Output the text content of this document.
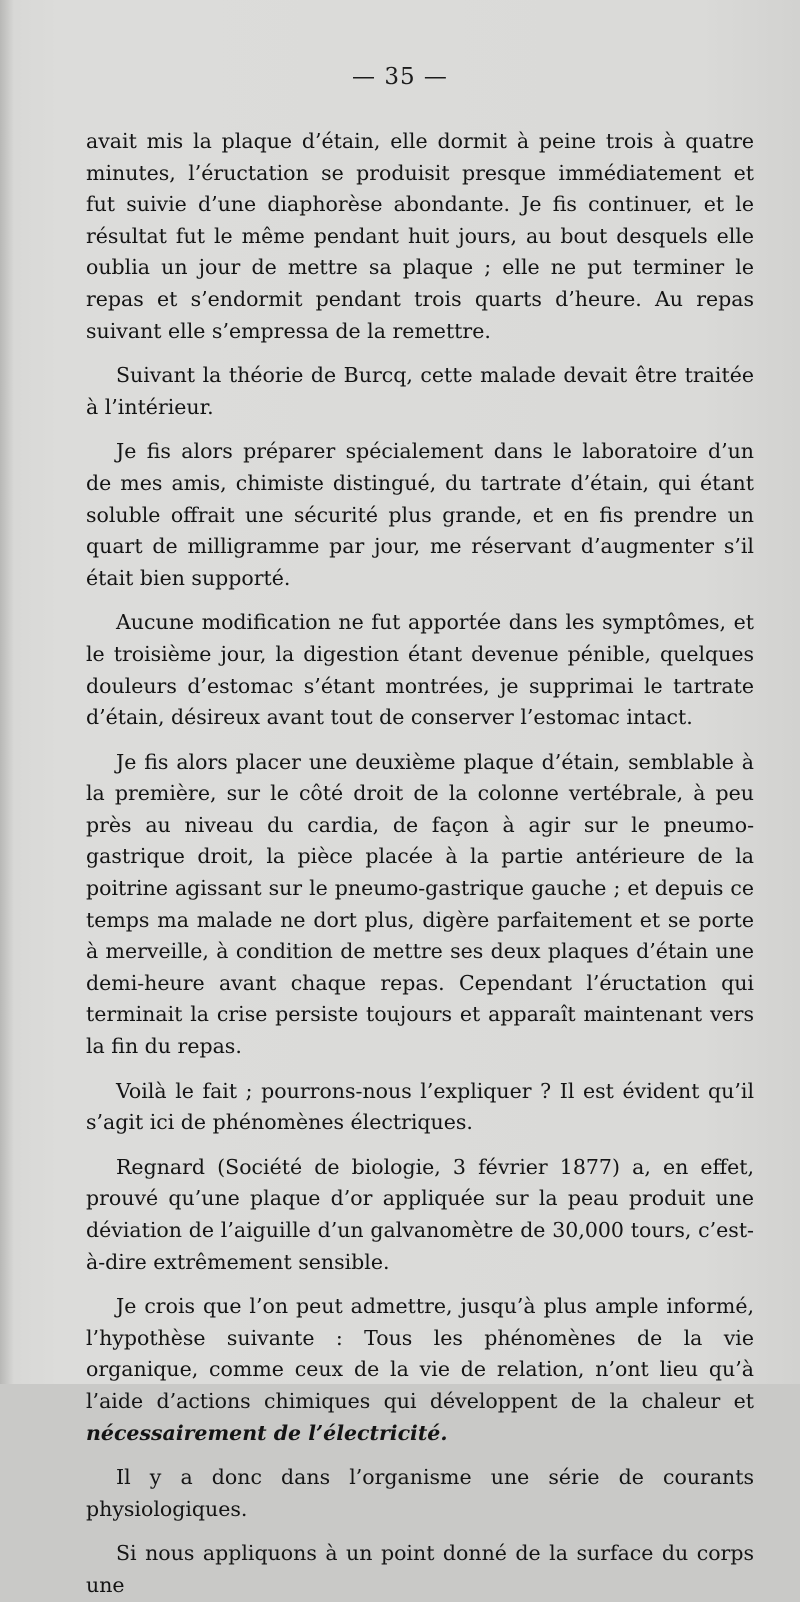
— 35 —

avait mis la plaque d’étain, elle dormit à peine trois à quatre minutes, l’éructation se produisit presque immédiatement et fut suivie d’une diaphorèse abondante. Je fis continuer, et le résultat fut le même pendant huit jours, au bout desquels elle oublia un jour de mettre sa plaque ; elle ne put terminer le repas et s’endormit pendant trois quarts d’heure. Au repas suivant elle s’empressa de la remettre.

Suivant la théorie de Burcq, cette malade devait être traitée à l’intérieur.

Je fis alors préparer spécialement dans le laboratoire d’un de mes amis, chimiste distingué, du tartrate d’étain, qui étant soluble offrait une sécurité plus grande, et en fis prendre un quart de milligramme par jour, me réservant d’augmenter s’il était bien supporté.

Aucune modification ne fut apportée dans les symptômes, et le troisième jour, la digestion étant devenue pénible, quelques douleurs d’estomac s’étant montrées, je supprimai le tartrate d’étain, désireux avant tout de conserver l’estomac intact.

Je fis alors placer une deuxième plaque d’étain, semblable à la première, sur le côté droit de la colonne vertébrale, à peu près au niveau du cardia, de façon à agir sur le pneumo-gastrique droit, la pièce placée à la partie antérieure de la poitrine agissant sur le pneumo-gastrique gauche ; et depuis ce temps ma malade ne dort plus, digère parfaitement et se porte à merveille, à condition de mettre ses deux plaques d’étain une demi-heure avant chaque repas. Cependant l’éructation qui terminait la crise persiste toujours et apparaît maintenant vers la fin du repas.

Voilà le fait ; pourrons-nous l’expliquer ? Il est évident qu’il s’agit ici de phénomènes électriques.

Regnard (Société de biologie, 3 février 1877) a, en effet, prouvé qu’une plaque d’or appliquée sur la peau produit une déviation de l’aiguille d’un galvanomètre de 30,000 tours, c’est-à-dire extrêmement sensible.

Je crois que l’on peut admettre, jusqu’à plus ample informé, l’hypothèse suivante : Tous les phénomènes de la vie organique, comme ceux de la vie de relation, n’ont lieu qu’à l’aide d’actions chimiques qui développent de la chaleur et nécessairement de l’électricité.

Il y a donc dans l’organisme une série de courants physiologiques.

Si nous appliquons à un point donné de la surface du corps une
